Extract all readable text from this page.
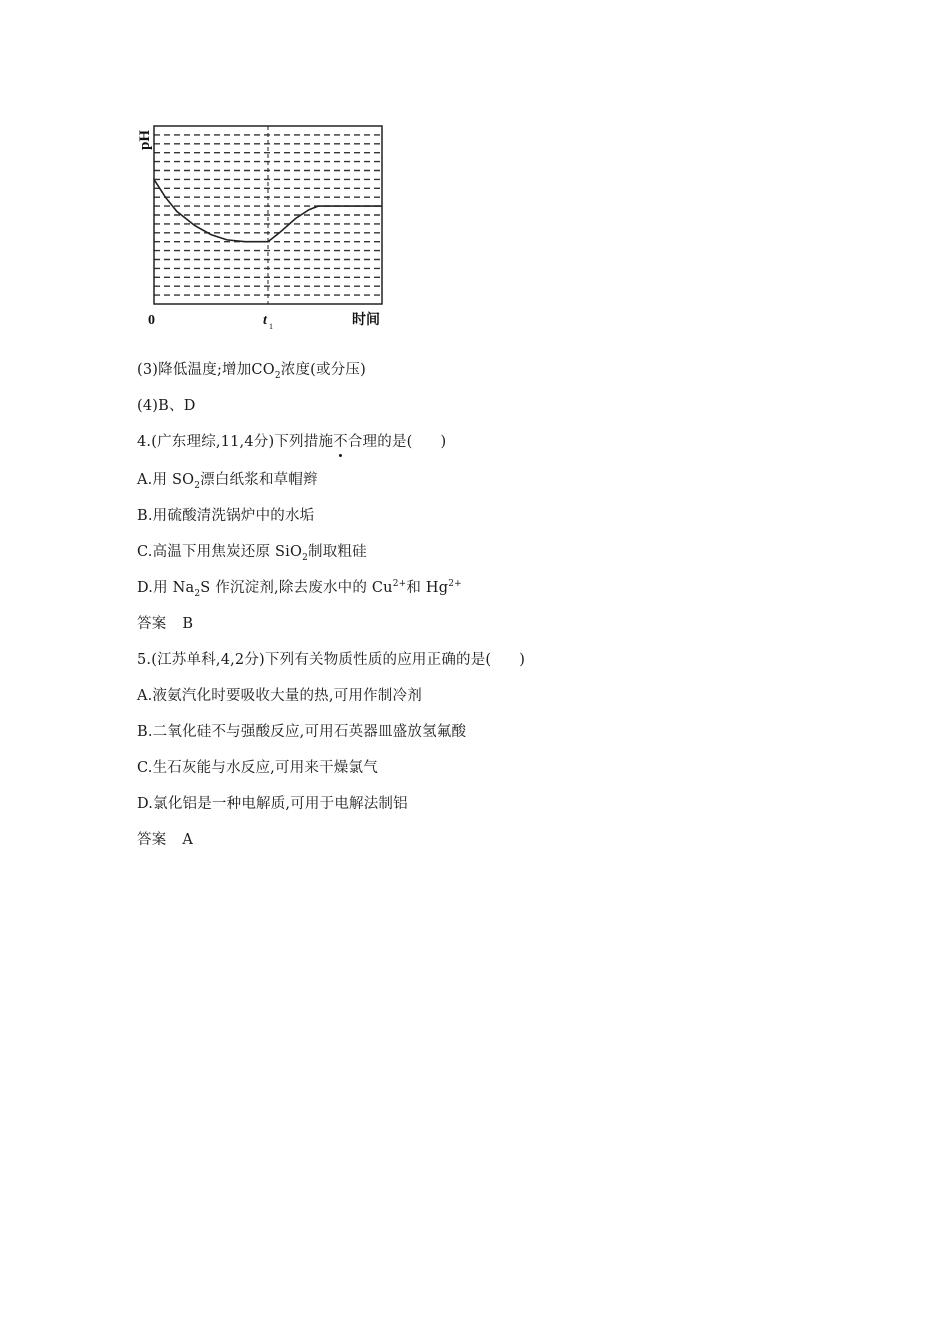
pH
0	t 1	时间
(3)降低温度;增加$CO_2$浓度(或分压)
(4)B、D
4.(广东理综,11,4分)下列措施不合理的是( )
A.用 $SO_2$漂白纸浆和草帽辫
B.用硫酸清洗锅炉中的水垢
C.高温下用焦炭还原 SiO$_2$制取粗硅
D.用 $Na_2S$ 作沉淀剂,除去废水中的 $Cu^{2+}$和 $Hg^{2+}$
答案 B
5.(江苏单科,4,2分)下列有关物质性质的应用正确的是( )
A.液氨汽化时要吸收大量的热,可用作制冷剂
B.二氧化硅不与强酸反应,可用石英器皿盛放氢氟酸
C.生石灰能与水反应,可用来干燥氯气
D.氯化铝是一种电解质,可用于电解法制铝
答案 A
